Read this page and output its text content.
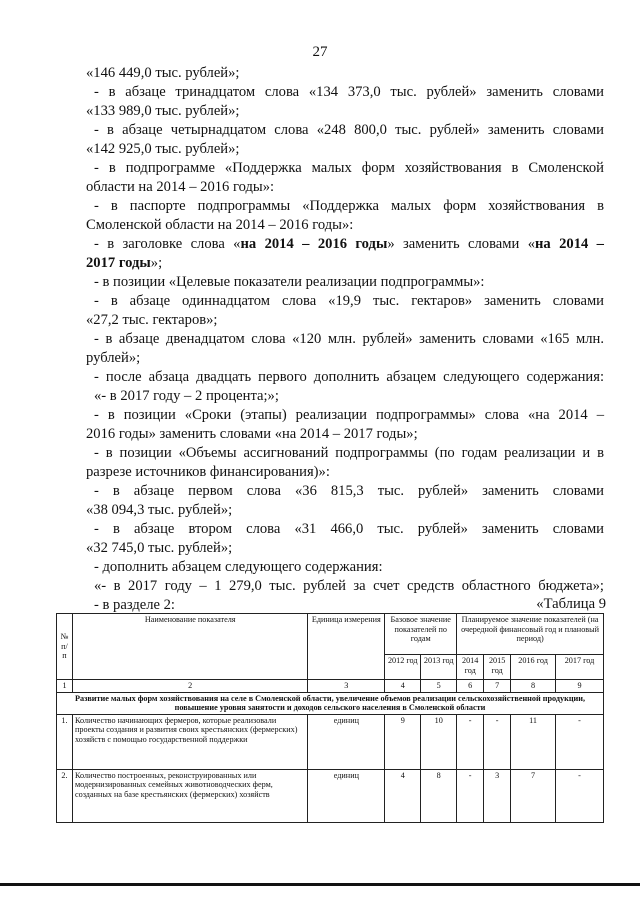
27
«146 449,0 тыс. рублей»;
- в абзаце тринадцатом слова «134 373,0 тыс. рублей» заменить словами
«133 989,0 тыс. рублей»;
- в абзаце четырнадцатом слова «248 800,0 тыс. рублей» заменить словами
«142 925,0 тыс. рублей»;
- в подпрограмме «Поддержка малых форм хозяйствования в Смоленской
области на 2014 – 2016 годы»:
- в паспорте подпрограммы «Поддержка малых форм хозяйствования в
Смоленской области на 2014 – 2016 годы»:
- в заголовке слова «на 2014 – 2016 годы» заменить словами «на 2014 –
2017 годы»;
- в позиции «Целевые показатели реализации подпрограммы»:
- в абзаце одиннадцатом слова «19,9 тыс. гектаров» заменить словами
«27,2 тыс. гектаров»;
- в абзаце двенадцатом слова «120 млн. рублей» заменить словами «165 млн.
рублей»;
- после абзаца двадцать первого дополнить абзацем следующего содержания:
«- в 2017 году – 2 процента;»;
- в позиции «Сроки (этапы) реализации подпрограммы» слова «на 2014 –
2016 годы» заменить словами «на 2014 – 2017 годы»;
- в позиции «Объемы ассигнований подпрограммы (по годам реализации и в
разрезе источников финансирования)»:
- в абзаце первом слова «36 815,3 тыс. рублей» заменить словами
«38 094,3 тыс. рублей»;
- в абзаце втором слова «31 466,0 тыс. рублей» заменить словами
«32 745,0 тыс. рублей»;
- дополнить абзацем следующего содержания:
«- в 2017 году – 1 279,0 тыс. рублей за счет средств областного бюджета»;
- в разделе 2:	«Таблица 9
№ п/п	Наименование показателя	Единица измерения	Базовое значение показателей по годам		Планируемое значение показателей (на очередной финансовый год и плановый период)			
			2012 год	2013 год	2014 год	2015 год	2016 год	2017 год
1	2	3	4	5	6	7	8	9
Развитие малых форм хозяйствования на селе в Смоленской области, увеличение объемов реализации сельскохозяйственной продукции, повышение уровня занятости и доходов сельского населения в Смоленской области								
1.	Количество начинающих фермеров, которые реализовали проекты создания и развития своих крестьянских (фермерских) хозяйств с помощью государственной поддержки	единиц	9	10	-	-	11	-
2.	Количество построенных, реконструированных или модернизированных семейных животноводческих ферм, созданных на базе крестьянских (фермерских) хозяйств	единиц	4	8	-	3	7	-
